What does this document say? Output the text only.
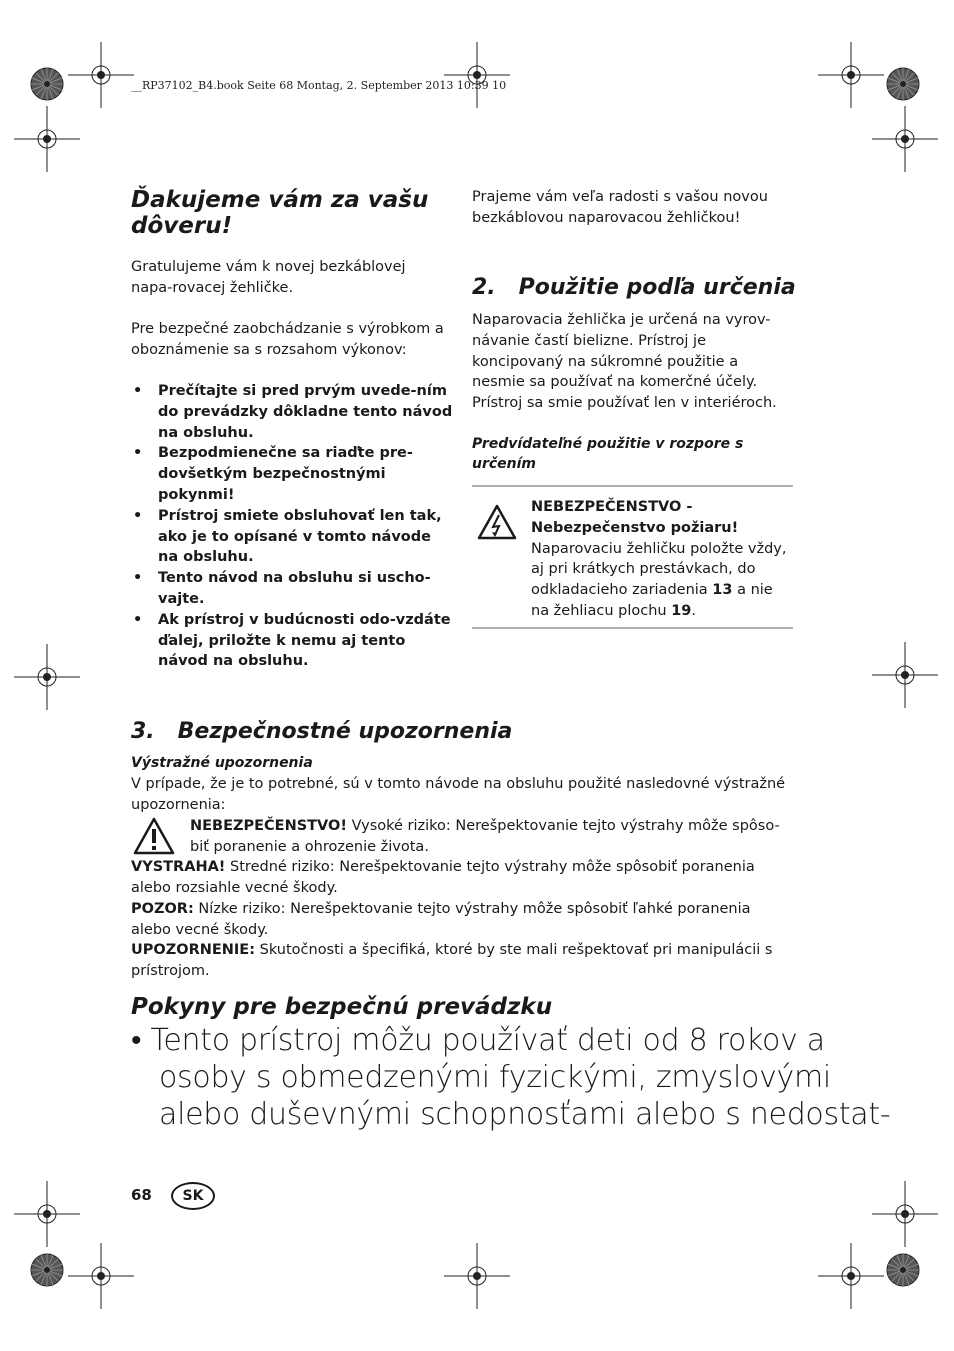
__RP37102_B4.book Seite 68 Montag, 2. September 2013 10:39 10
Ďakujeme vám za vašu
dôveru!

Gratulujeme vám k novej bezkáblovej napa-rovacej žehličke.

Pre bezpečné zaobchádzanie s výrobkom a oboznámenie sa s rozsahom výkonov:

• Prečítajte si pred prvým uvede-ním do prevádzky dôkladne tento návod na obsluhu.
• Bezpodmienečne sa riaďte pre-dovšetkým bezpečnostnými pokynmi!
• Prístroj smiete obsluhovať len tak, ako je to opísané v tomto návode na obsluhu.
• Tento návod na obsluhu si uscho-vajte.
• Ak prístroj v budúcnosti odo-vzdáte ďalej, priložte k nemu aj tento návod na obsluhu.

Prajeme vám veľa radosti s vašou novou bezkáblovou naparovacou žehličkou!

2.   Použitie podľa určenia

Naparovacia žehlička je určená na vyrov-návanie častí bielizne. Prístroj je koncipovaný na súkromné použitie a nesmie sa používať na komerčné účely. Prístroj sa smie používať len v interiéroch.

Predvídateľné použitie v rozpore s určením
NEBEZPEČENSTVO -
Nebezpečenstvo požiaru!
Naparovaciu žehličku položte vždy, aj pri krátkych prestávkach, do odkladacieho zariadenia 13 a nie na žehliacu plochu 19.
3.   Bezpečnostné upozornenia
Výstražné upozornenia

V prípade, že je to potrebné, sú v tomto návode na obsluhu použité nasledovné výstražné upozornenia:

NEBEZPEČENSTVO! Vysoké riziko: Nerešpektovanie tejto výstrahy môže spôso-biť poranenie a ohrozenie života.

VYSTRAHA! Stredné riziko: Nerešpektovanie tejto výstrahy môže spôsobiť poranenia alebo rozsiahle vecné škody.

POZOR: Nízke riziko: Nerešpektovanie tejto výstrahy môže spôsobiť ľahké poranenia alebo vecné škody.

UPOZORNENIE: Skutočnosti a špecifiká, ktoré by ste mali rešpektovať pri manipulácii s prístrojom.

Pokyny pre bezpečnú prevádzku
• Tento prístroj môžu používať deti od 8 rokov a
osoby s obmedzenými fyzickými, zmyslovými
alebo duševnými schopnosťami alebo s nedostat-
68	SK
